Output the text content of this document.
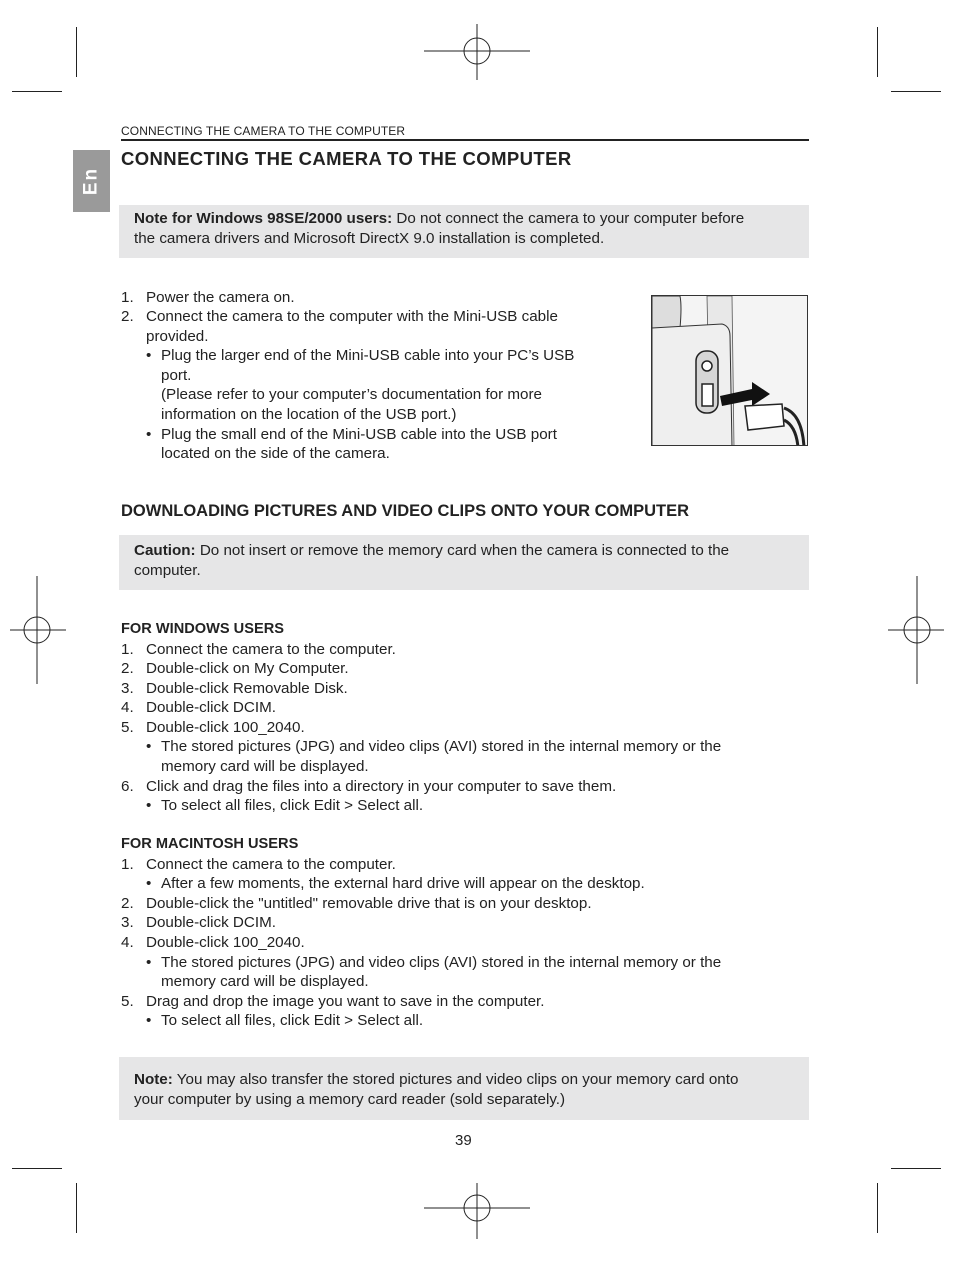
CONNECTING THE CAMERA TO THE COMPUTER
CONNECTING THE CAMERA TO THE COMPUTER
En
Note for Windows 98SE/2000 users: Do not connect the camera to your computer before
the camera drivers and Microsoft DirectX 9.0 installation is completed.
1. Power the camera on.
2. Connect the camera to the computer with the Mini-USB cable
provided.
• Plug the larger end of the Mini-USB cable into your PC’s USB
port.
(Please refer to your computer’s documentation for more
information on the location of the USB port.)
• Plug the small end of the Mini-USB cable into the USB port
located on the side of the camera.
DOWNLOADING PICTURES AND VIDEO CLIPS ONTO YOUR COMPUTER
Caution: Do not insert or remove the memory card when the camera is connected to the
computer.
FOR WINDOWS USERS
1. Connect the camera to the computer.
2. Double-click on My Computer.
3. Double-click Removable Disk.
4. Double-click DCIM.
5. Double-click 100_2040.
• The stored pictures (JPG) and video clips (AVI) stored in the internal memory or the
memory card will be displayed.
6. Click and drag the files into a directory in your computer to save them.
• To select all files, click Edit > Select all.
FOR MACINTOSH USERS
1. Connect the camera to the computer.
• After a few moments, the external hard drive will appear on the desktop.
2. Double-click the "untitled" removable drive that is on your desktop.
3. Double-click DCIM.
4. Double-click 100_2040.
• The stored pictures (JPG) and video clips (AVI) stored in the internal memory or the
memory card will be displayed.
5. Drag and drop the image you want to save in the computer.
• To select all files, click Edit > Select all.
Note: You may also transfer the stored pictures and video clips on your memory card onto
your computer by using a memory card reader (sold separately.)
39
